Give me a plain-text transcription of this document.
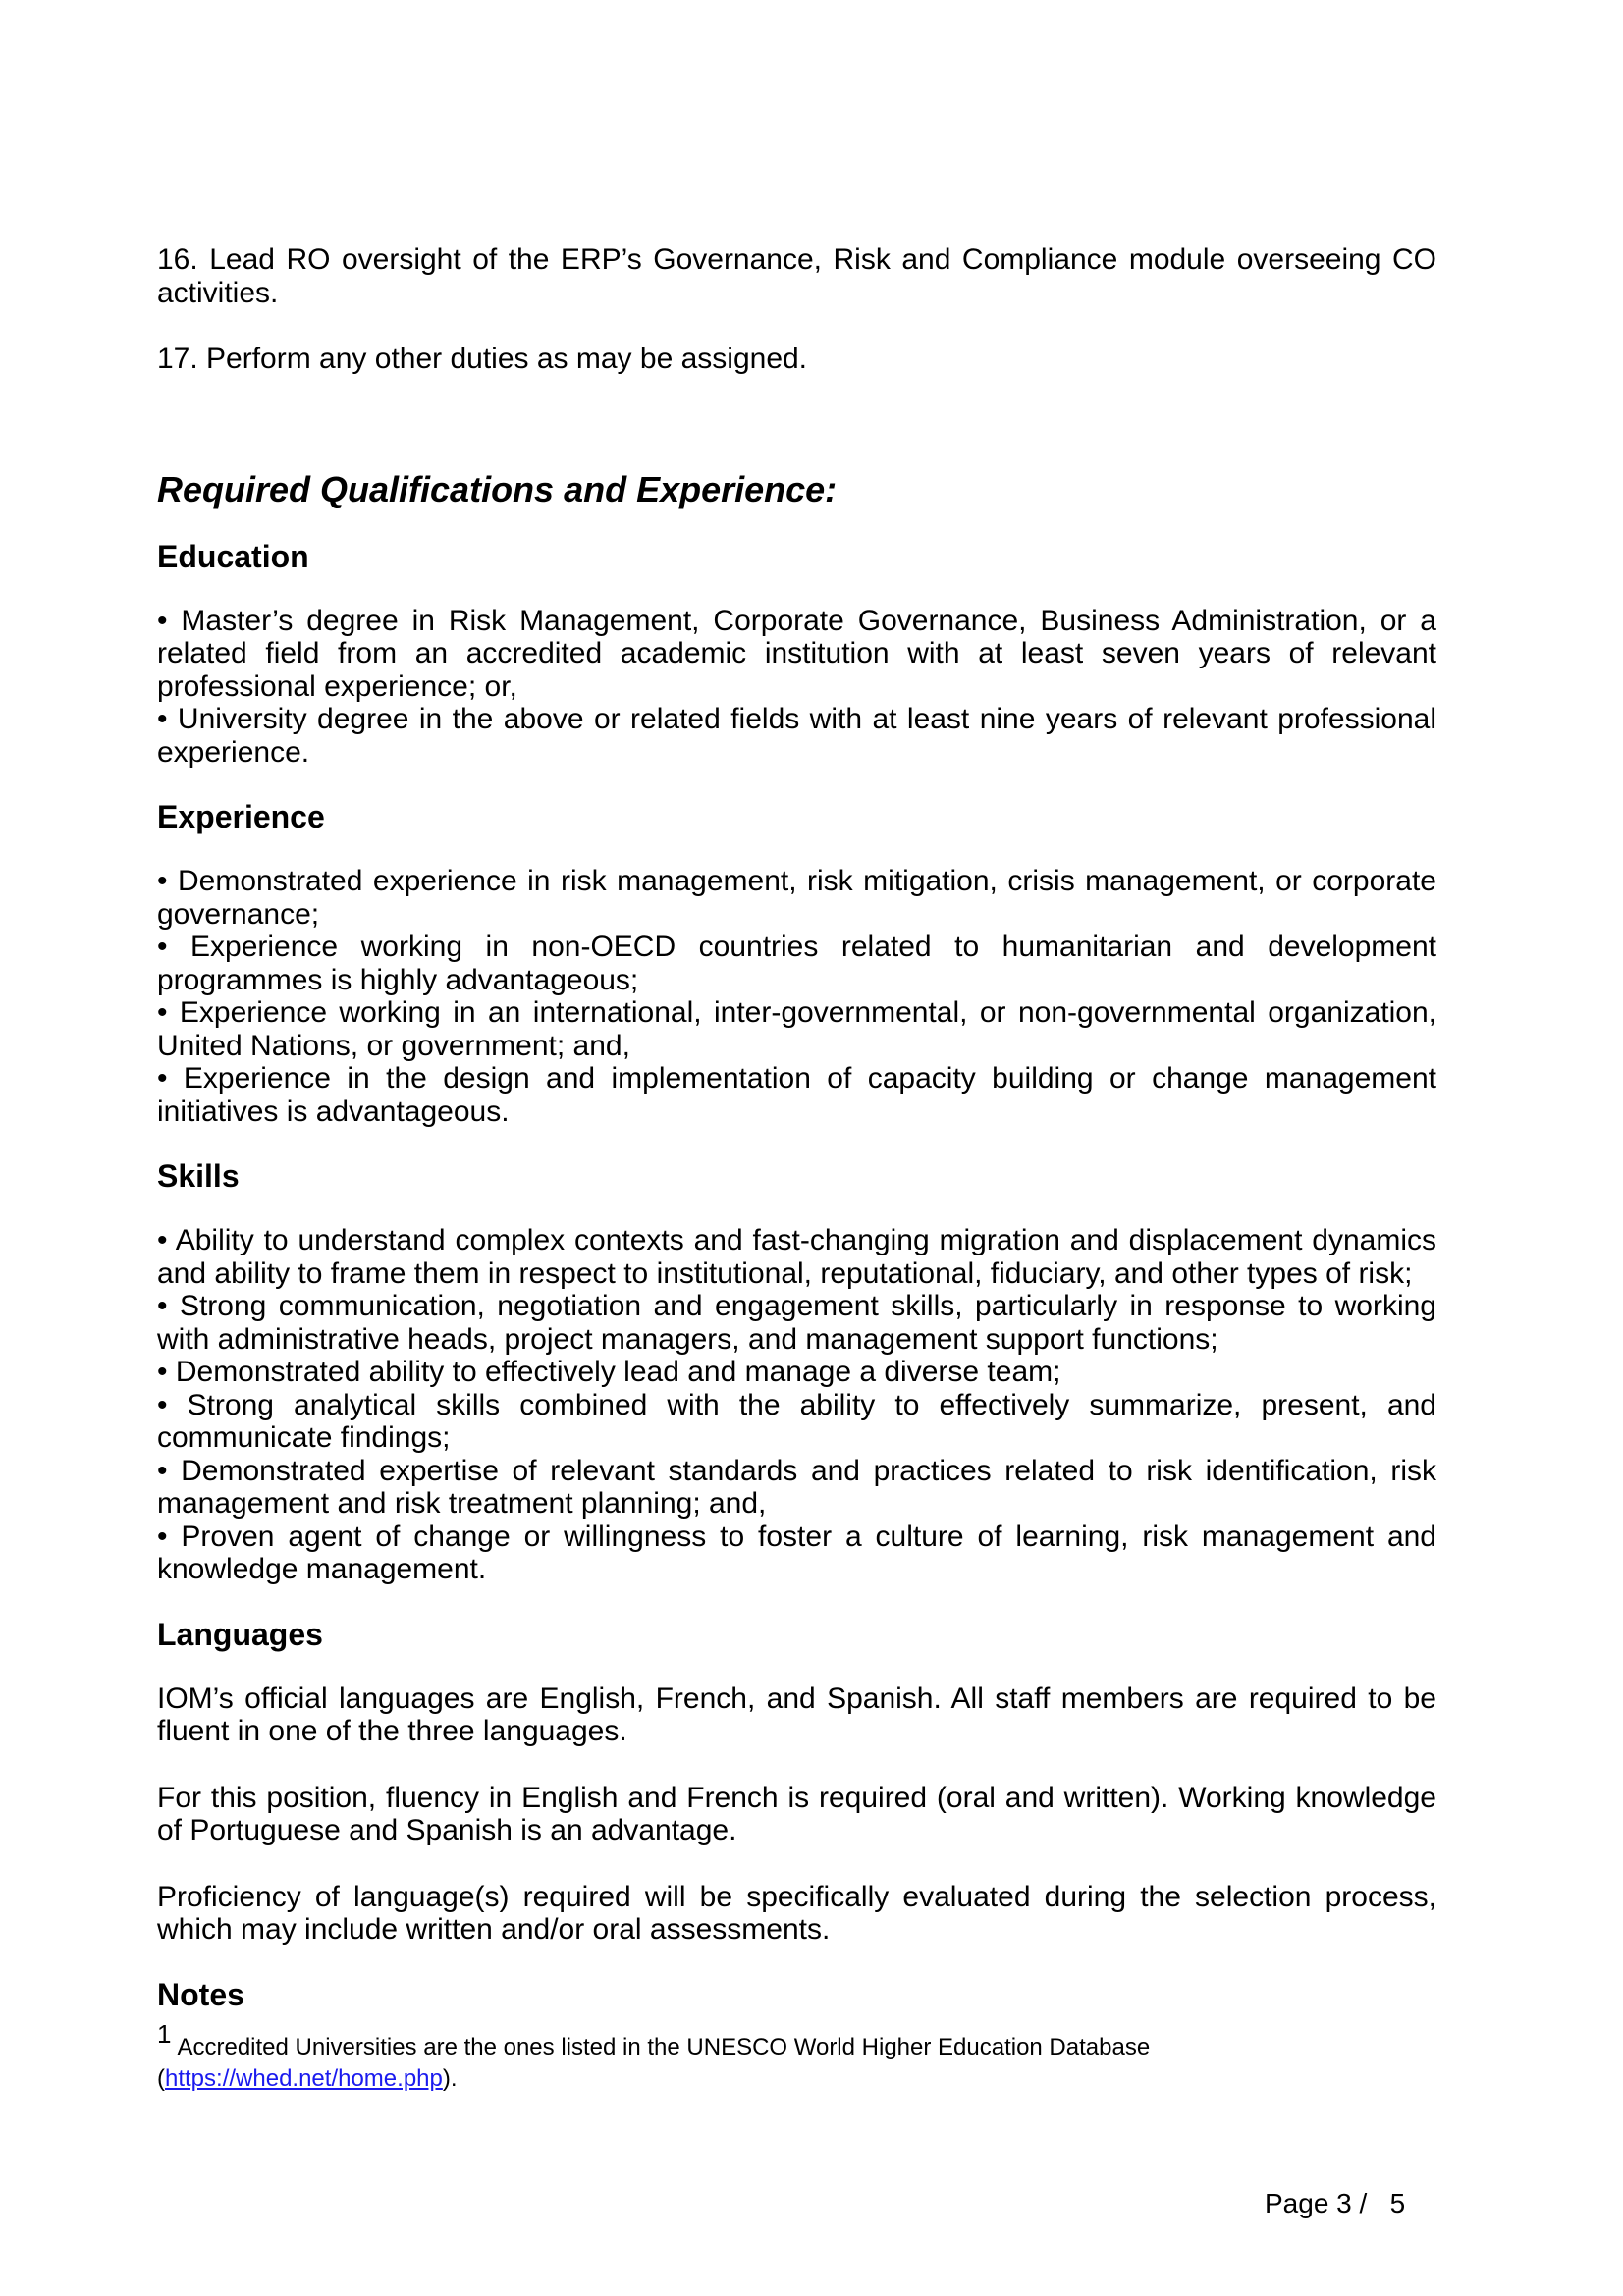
16. Lead RO oversight of the ERP’s Governance, Risk and Compliance module overseeing CO activities.

17. Perform any other duties as may be assigned.

Required Qualifications and Experience:
Education

• Master’s degree in Risk Management, Corporate Governance, Business Administration, or a related field from an accredited academic institution with at least seven years of relevant professional experience; or,

• University degree in the above or related fields with at least nine years of relevant professional experience.

Experience

• Demonstrated experience in risk management, risk mitigation, crisis management, or corporate governance;

• Experience working in non-OECD countries related to humanitarian and development programmes is highly advantageous;

• Experience working in an international, inter-governmental, or non-governmental organization, United Nations, or government; and,

• Experience in the design and implementation of capacity building or change management initiatives is advantageous.

Skills

• Ability to understand complex contexts and fast-changing migration and displacement dynamics and ability to frame them in respect to institutional, reputational, fiduciary, and other types of risk;

• Strong communication, negotiation and engagement skills, particularly in response to working with administrative heads, project managers, and management support functions;

• Demonstrated ability to effectively lead and manage a diverse team;

• Strong analytical skills combined with the ability to effectively summarize, present, and communicate findings;

• Demonstrated expertise of relevant standards and practices related to risk identification, risk management and risk treatment planning; and,

• Proven agent of change or willingness to foster a culture of learning, risk management and knowledge management.

Languages

IOM’s official languages are English, French, and Spanish. All staff members are required to be fluent in one of the three languages.

For this position, fluency in English and French is required (oral and written). Working knowledge of Portuguese and Spanish is an advantage.

Proficiency of language(s) required will be specifically evaluated during the selection process, which may include written and/or oral assessments.

Notes

$^1$ Accredited Universities are the ones listed in the UNESCO World Higher Education Database

(https://whed.net/home.php).

Page 3 / 5
